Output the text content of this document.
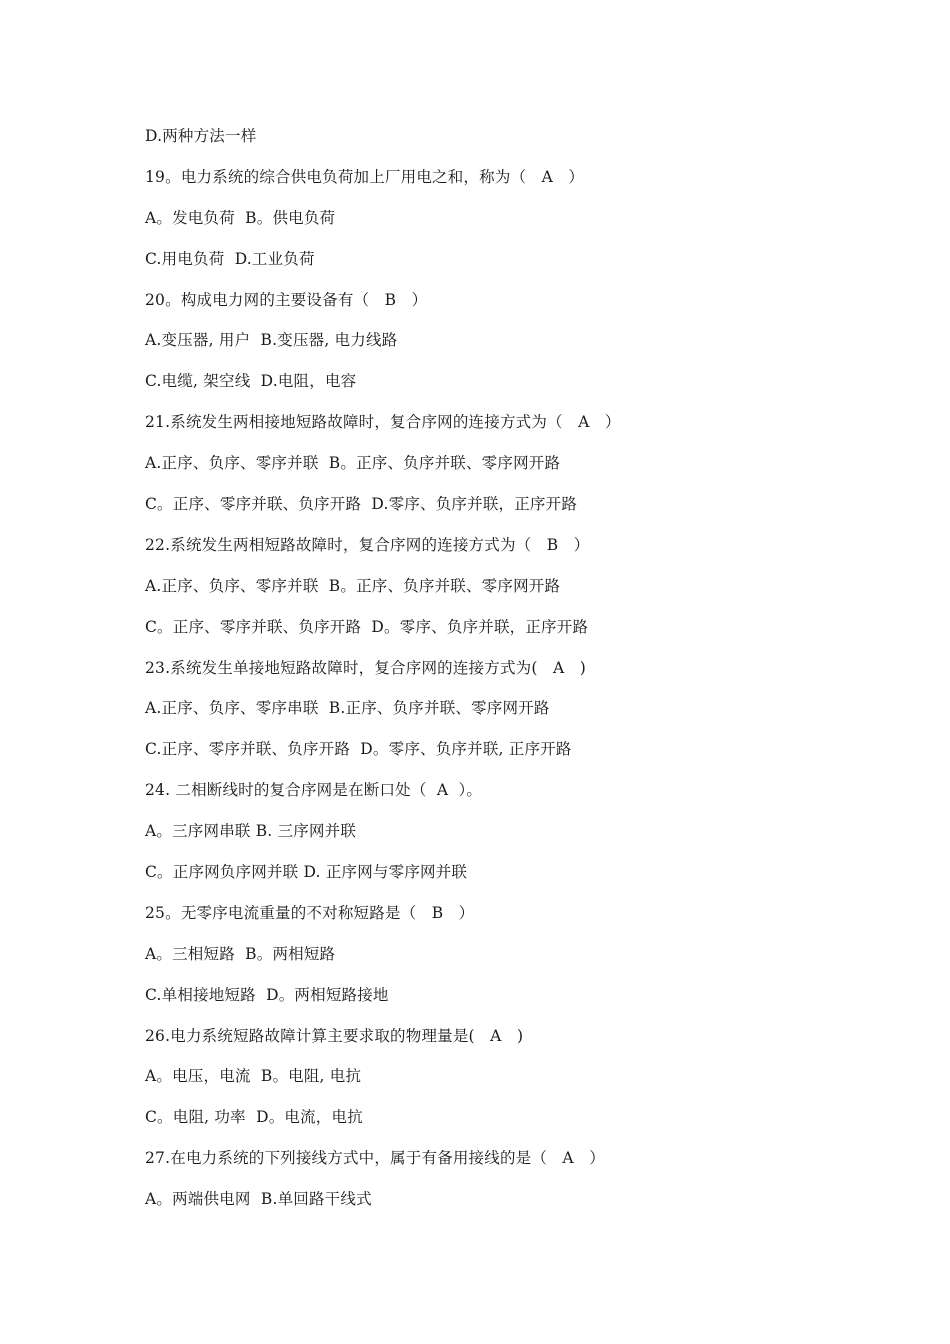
D.两种方法一样
19。电力系统的综合供电负荷加上厂用电之和，称为（   A   ）
A。发电负荷  B。供电负荷
C.用电负荷  D.工业负荷
20。构成电力网的主要设备有（   B   ）
A.变压器, 用户  B.变压器, 电力线路
C.电缆, 架空线  D.电阻，电容
21.系统发生两相接地短路故障时，复合序网的连接方式为（   A   ）
A.正序、负序、零序并联  B。正序、负序并联、零序网开路
C。正序、零序并联、负序开路  D.零序、负序并联，正序开路
22.系统发生两相短路故障时，复合序网的连接方式为（   B   ）
A.正序、负序、零序并联  B。正序、负序并联、零序网开路
C。正序、零序并联、负序开路  D。零序、负序并联，正序开路
23.系统发生单接地短路故障时，复合序网的连接方式为(   A   )
A.正序、负序、零序串联  B.正序、负序并联、零序网开路
C.正序、零序并联、负序开路  D。零序、负序并联, 正序开路
24. 二相断线时的复合序网是在断口处（  A  ）。
A。三序网串联 B. 三序网并联
C。正序网负序网并联 D. 正序网与零序网并联
25。无零序电流重量的不对称短路是（   B   ）
A。三相短路  B。两相短路
C.单相接地短路  D。两相短路接地
26.电力系统短路故障计算主要求取的物理量是(   A   )
A。电压，电流  B。电阻, 电抗
C。电阻, 功率  D。电流，电抗
27.在电力系统的下列接线方式中，属于有备用接线的是（   A   ）
A。两端供电网  B.单回路干线式
